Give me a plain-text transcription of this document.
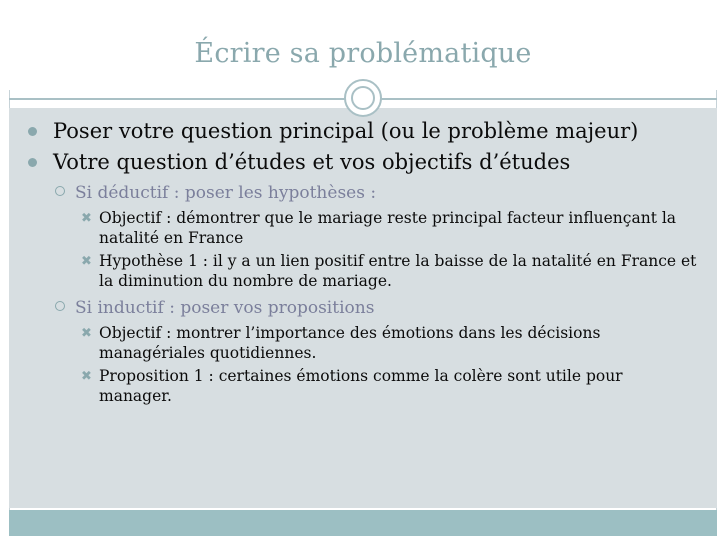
Écrire sa problématique
Poser votre question principal (ou le problème majeur)
Votre question d’études et vos objectifs d’études
Si déductif : poser les hypothèses :
✖ Objectif : démontrer que le mariage reste principal facteur influençant la natalité en France
✖ Hypothèse 1 : il y a un lien positif entre la baisse de la natalité en France et la diminution du nombre de mariage.
Si inductif : poser vos propositions
✖ Objectif : montrer l’importance des émotions dans les décisions managériales quotidiennes.
✖ Proposition 1 : certaines émotions comme la colère sont utile pour manager.
